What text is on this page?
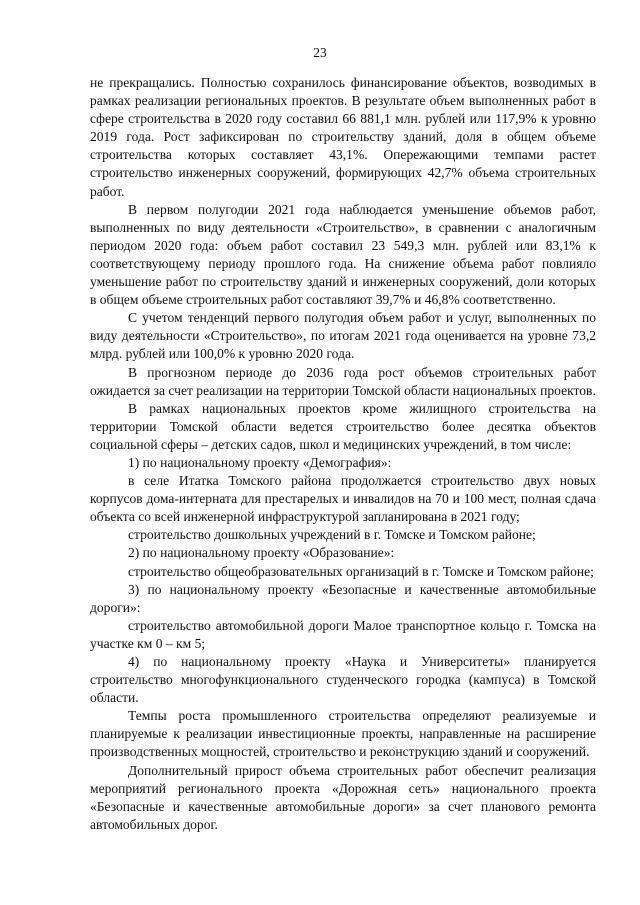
23

не прекращались. Полностью сохранилось финансирование объектов, возводимых в рамках реализации региональных проектов. В результате объем выполненных работ в сфере строительства в 2020 году составил 66 881,1 млн. рублей или 117,9% к уровню 2019 года. Рост зафиксирован по строительству зданий, доля в общем объеме строительства которых составляет 43,1%. Опережающими темпами растет строительство инженерных сооружений, формирующих 42,7% объема строительных работ.

В первом полугодии 2021 года наблюдается уменьшение объемов работ, выполненных по виду деятельности «Строительство», в сравнении с аналогичным периодом 2020 года: объем работ составил 23 549,3 млн. рублей или 83,1% к соответствующему периоду прошлого года. На снижение объема работ повлияло уменьшение работ по строительству зданий и инженерных сооружений, доли которых в общем объеме строительных работ составляют 39,7% и 46,8% соответственно.

С учетом тенденций первого полугодия объем работ и услуг, выполненных по виду деятельности «Строительство», по итогам 2021 года оценивается на уровне 73,2 млрд. рублей или 100,0% к уровню 2020 года.

В прогнозном периоде до 2036 года рост объемов строительных работ ожидается за счет реализации на территории Томской области национальных проектов.

В рамках национальных проектов кроме жилищного строительства на территории Томской области ведется строительство более десятка объектов социальной сферы – детских садов, школ и медицинских учреждений, в том числе:

1) по национальному проекту «Демография»:

в селе Итатка Томского района продолжается строительство двух новых корпусов дома-интерната для престарелых и инвалидов на 70 и 100 мест, полная сдача объекта со всей инженерной инфраструктурой запланирована в 2021 году;

строительство дошкольных учреждений в г. Томске и Томском районе;

2) по национальному проекту «Образование»:

строительство общеобразовательных организаций в г. Томске и Томском районе;

3) по национальному проекту «Безопасные и качественные автомобильные дороги»:

строительство автомобильной дороги Малое транспортное кольцо г. Томска на участке км 0 – км 5;

4) по национальному проекту «Наука и Университеты» планируется строительство многофункционального студенческого городка (кампуса) в Томской области.

Темпы роста промышленного строительства определяют реализуемые и планируемые к реализации инвестиционные проекты, направленные на расширение производственных мощностей, строительство и реконструкцию зданий и сооружений.

Дополнительный прирост объема строительных работ обеспечит реализация мероприятий регионального проекта «Дорожная сеть» национального проекта «Безопасные и качественные автомобильные дороги» за счет планового ремонта автомобильных дорог.
